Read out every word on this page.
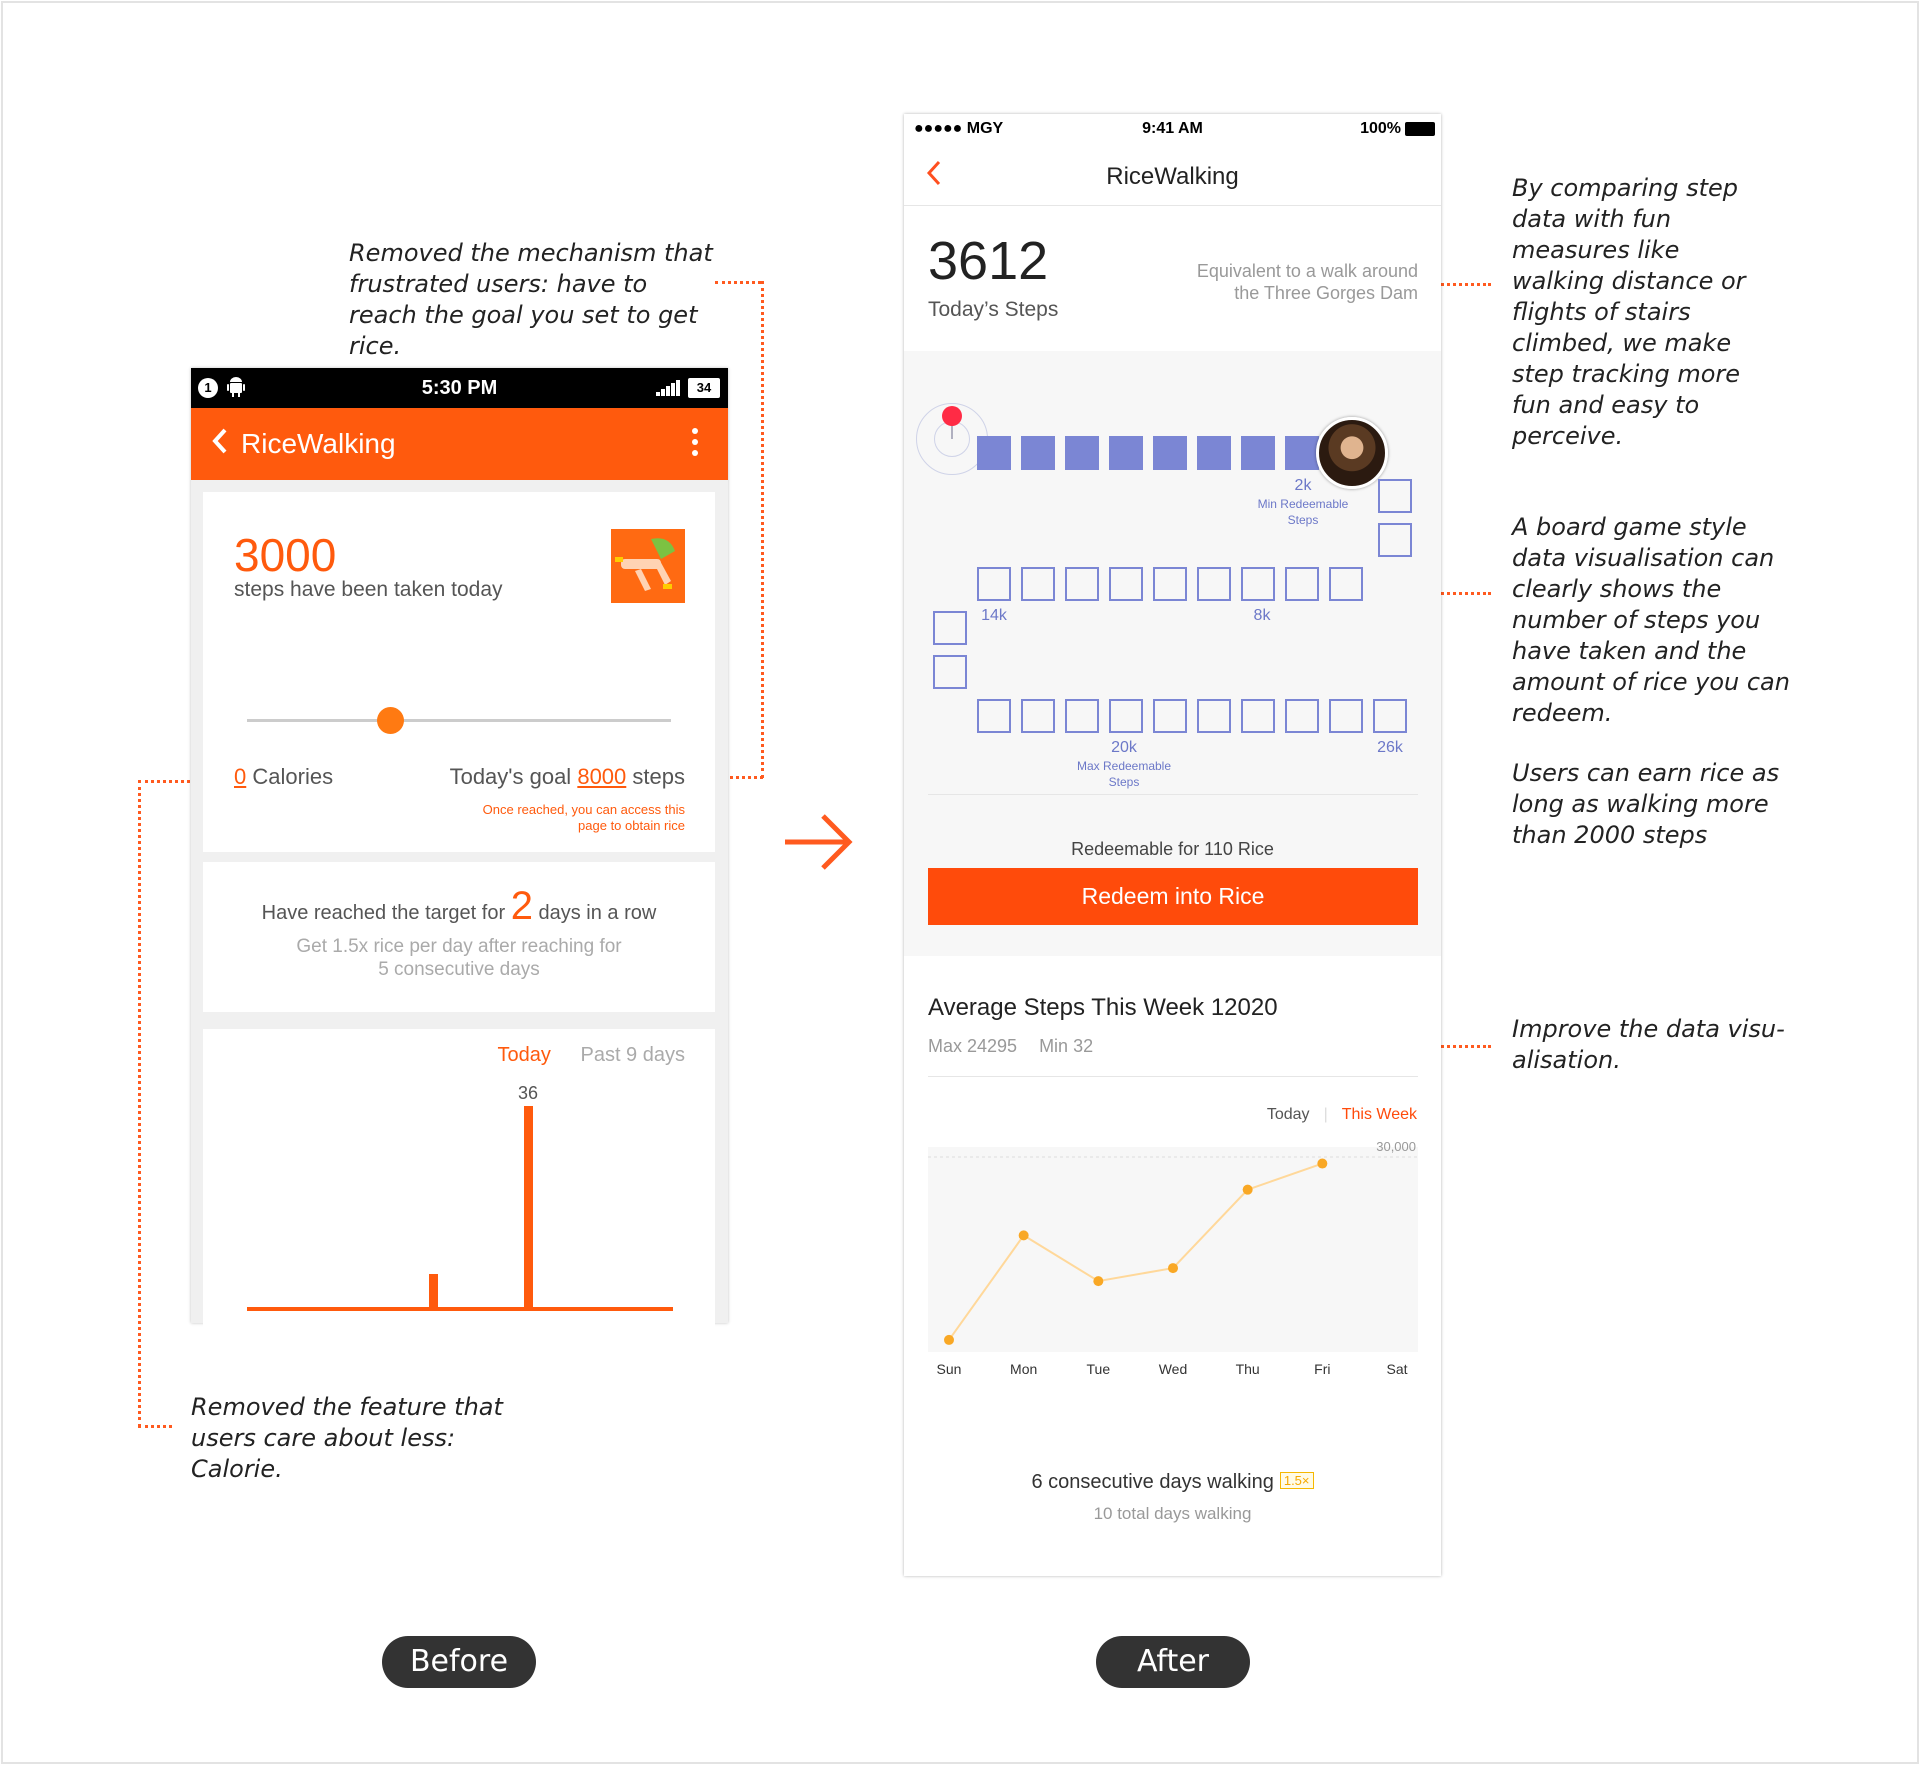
Removed the mechanism that frustrated users: have to reach the goal you set to get rice.
Removed the feature that users care about less: Calorie.
By comparing step data with fun measures like walking distance or flights of stairs climbed, we make step tracking more fun and easy to perceive.
A board game style data visualisation can clearly shows the number of steps you have taken and the amount of rice you can redeem.
Users can earn rice as long as walking more than 2000 steps
Improve the data visu-alisation.
1	5:30 PM	34
RiceWalking
3000
steps have been taken today
0 Calories	Today's goal 8000 steps
Once reached, you can access this page to obtain rice
Have reached the target for 2 days in a row
Get 1.5x rice per day after reaching for 5 consecutive days
Today Past 9 days
36
●●●●● MGY	9:41 AM	100%
RiceWalking
3612
Today’s Steps
Equivalent to a walk around the Three Gorges Dam
2k
Min Redeemable Steps
14k	8k
20k
Max Redeemable Steps
26k
Redeemable for 110 Rice
Redeem into Rice
Average Steps This Week 12020
Max 24295 Min 32
Today | This Week
30,000
Sun	Mon	Tue	Wed	Thu	Fri	Sat
6 consecutive days walking 1.5×
10 total days walking
Before	After
